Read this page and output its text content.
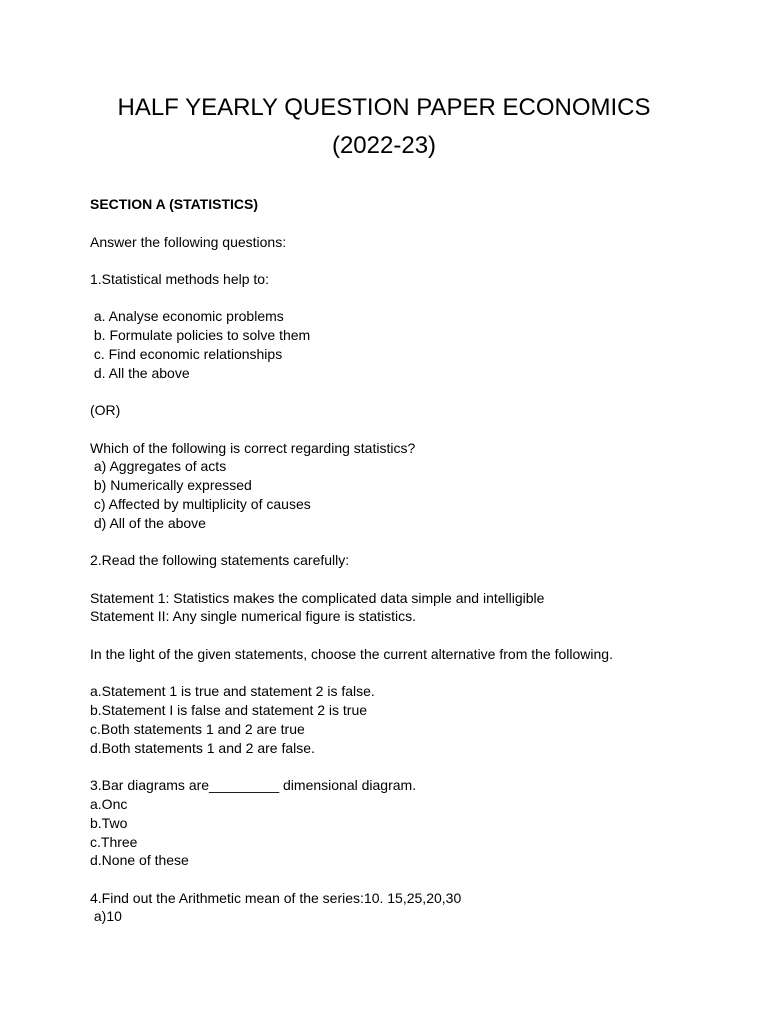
HALF YEARLY QUESTION PAPER ECONOMICS
(2022-23)
SECTION A (STATISTICS)
Answer the following questions:
1.Statistical methods help to:
a. Analyse economic problems
b. Formulate policies to solve them
c. Find economic relationships
d. All the above
(OR)
Which of the following is correct regarding statistics?
a) Aggregates of acts
b) Numerically expressed
c) Affected by multiplicity of causes
d) All of the above
2.Read the following statements carefully:
Statement 1: Statistics makes the complicated data simple and intelligible
Statement II: Any single numerical figure is statistics.
In the light of the given statements, choose the current alternative from the following.
a.Statement 1 is true and statement 2 is false.
b.Statement I is false and statement 2 is true
c.Both statements 1 and 2 are true
d.Both statements 1 and 2 are false.
3.Bar diagrams are_________ dimensional diagram.
a.Onc
b.Two
c.Three
d.None of these
4.Find out the Arithmetic mean of the series:10. 15,25,20,30
a)10
